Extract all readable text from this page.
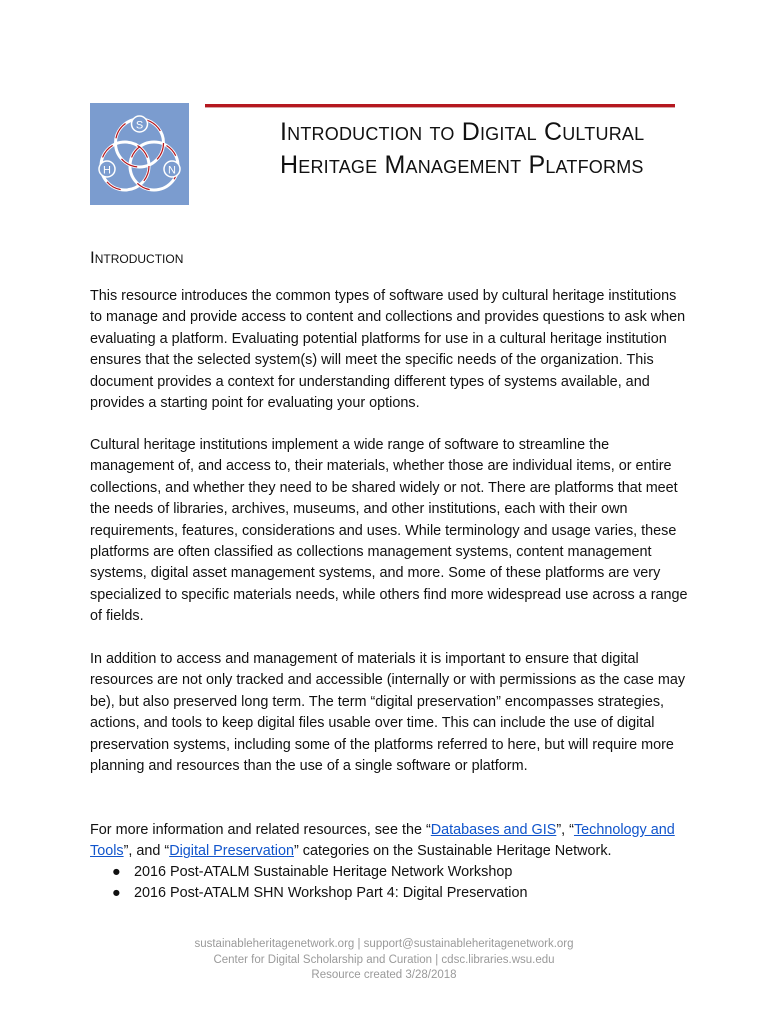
S
H	N
Introduction to Digital Cultural
Heritage Management Platforms
Introduction

This resource introduces the common types of software used by cultural heritage institutions to manage and provide access to content and collections and provides questions to ask when evaluating a platform. Evaluating potential platforms for use in a cultural heritage institution ensures that the selected system(s) will meet the specific needs of the organization. This document provides a context for understanding different types of systems available, and provides a starting point for evaluating your options.

Cultural heritage institutions implement a wide range of software to streamline the management of, and access to, their materials, whether those are individual items, or entire collections, and whether they need to be shared widely or not. There are platforms that meet the needs of libraries, archives, museums, and other institutions, each with their own requirements, features, considerations and uses. While terminology and usage varies, these platforms are often classified as collections management systems, content management systems, digital asset management systems, and more. Some of these platforms are very specialized to specific materials needs, while others find more widespread use across a range of fields.

In addition to access and management of materials it is important to ensure that digital resources are not only tracked and accessible (internally or with permissions as the case may be), but also preserved long term. The term “digital preservation” encompasses strategies, actions, and tools to keep digital files usable over time. This can include the use of digital preservation systems, including some of the platforms referred to here, but will require more planning and resources than the use of a single software or platform.

For more information and related resources, see the “Databases and GIS”, “Technology and Tools”, and “Digital Preservation” categories on the Sustainable Heritage Network.

● 2016 Post-ATALM Sustainable Heritage Network Workshop
● 2016 Post-ATALM SHN Workshop Part 4: Digital Preservation
sustainableheritagenetwork.org | support@sustainableheritagenetwork.org
Center for Digital Scholarship and Curation | cdsc.libraries.wsu.edu
Resource created 3/28/2018
